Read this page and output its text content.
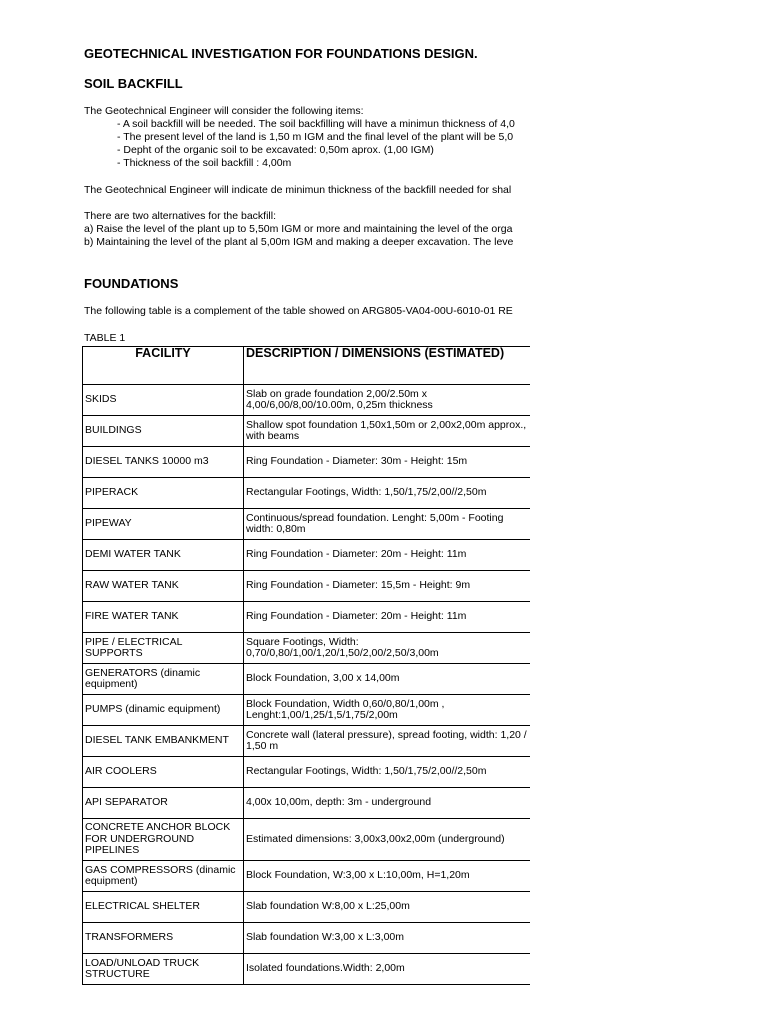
GEOTECHNICAL INVESTIGATION FOR FOUNDATIONS DESIGN.
SOIL BACKFILL
The Geotechnical Engineer will consider the following items:
- A soil backfill will be needed. The soil backfilling will have a minimun thickness of 4,0
- The present level of the land is 1,50 m IGM and the final level of the plant will be 5,0
- Depht of the organic soil to be excavated: 0,50m aprox. (1,00 IGM)
- Thickness of the soil backfill : 4,00m
The Geotechnical Engineer will indicate de minimun thickness of the backfill needed for shal
There are two alternatives for the backfill:
a) Raise the level of the plant up to 5,50m IGM or more and maintaining the level of the orga
b) Maintaining the level of the plant al 5,00m IGM and making a deeper excavation. The leve
FOUNDATIONS
The following table is a complement of the table showed on ARG805-VA04-00U-6010-01 RE
TABLE 1
FACILITY	DESCRIPTION / DIMENSIONS (ESTIMATED)
SKIDS	Slab on grade foundation 2,00/2.50m x 4,00/6,00/8,00/10.00m, 0,25m thickness
BUILDINGS	Shallow spot foundation 1,50x1,50m or 2,00x2,00m approx., with beams
DIESEL TANKS 10000 m3	Ring Foundation - Diameter: 30m - Height: 15m
PIPERACK	Rectangular Footings, Width: 1,50/1,75/2,00//2,50m
PIPEWAY	Continuous/spread foundation. Lenght: 5,00m - Footing width: 0,80m
DEMI WATER TANK	Ring Foundation - Diameter: 20m - Height: 11m
RAW WATER TANK	Ring Foundation - Diameter: 15,5m - Height: 9m
FIRE WATER TANK	Ring Foundation - Diameter: 20m - Height: 11m
PIPE / ELECTRICAL SUPPORTS	Square Footings, Width: 0,70/0,80/1,00/1,20/1,50/2,00/2,50/3,00m
GENERATORS (dinamic equipment)	Block Foundation, 3,00 x 14,00m
PUMPS (dinamic equipment)	Block Foundation, Width 0,60/0,80/1,00m , Lenght:1,00/1,25/1,5/1,75/2,00m
DIESEL TANK EMBANKMENT	Concrete wall (lateral pressure), spread footing, width: 1,20 / 1,50 m
AIR COOLERS	Rectangular Footings, Width: 1,50/1,75/2,00//2,50m
API SEPARATOR	4,00x 10,00m, depth: 3m - underground
CONCRETE ANCHOR BLOCK FOR UNDERGROUND PIPELINES	Estimated dimensions: 3,00x3,00x2,00m (underground)
GAS COMPRESSORS (dinamic equipment)	Block Foundation, W:3,00 x L:10,00m, H=1,20m
ELECTRICAL SHELTER	Slab foundation W:8,00 x L:25,00m
TRANSFORMERS	Slab foundation W:3,00 x L:3,00m
LOAD/UNLOAD TRUCK STRUCTURE	Isolated foundations.Width: 2,00m
